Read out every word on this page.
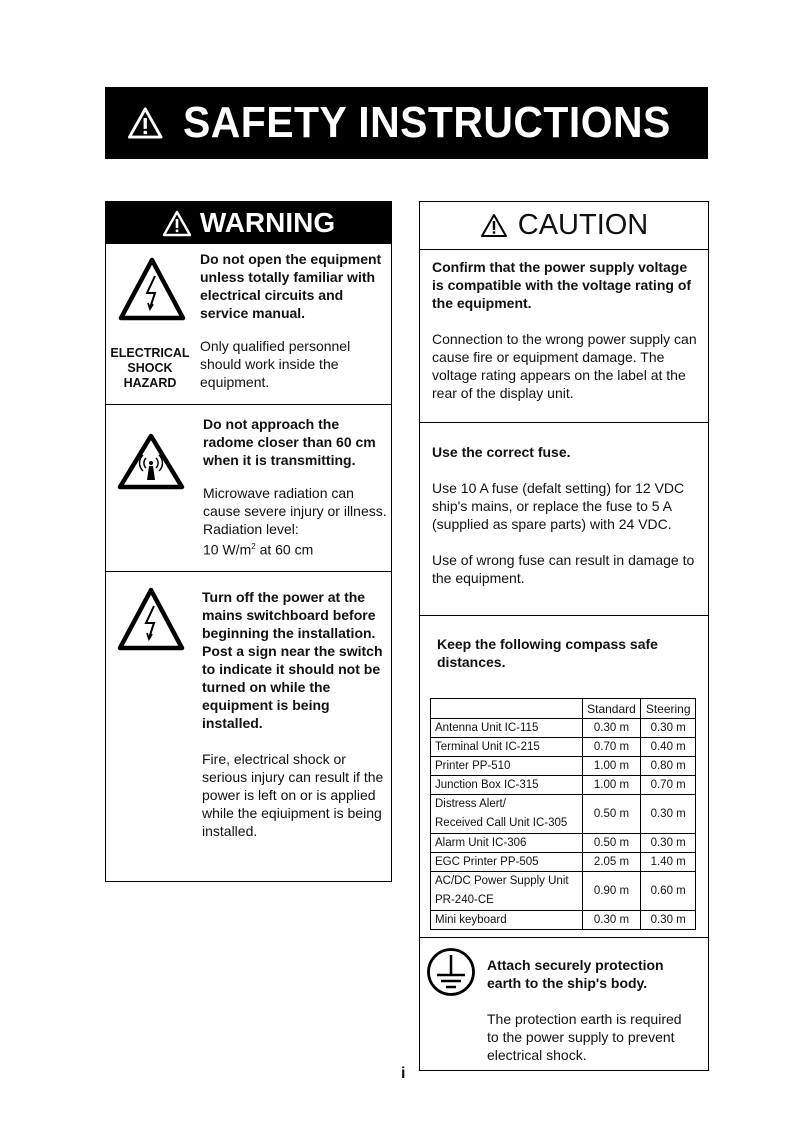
SAFETY INSTRUCTIONS
WARNING
ELECTRICAL
SHOCK
HAZARD

Do not open the equipment unless totally familiar with electrical circuits and service manual.

Only qualified personnel should work inside the equipment.

Do not approach the radome closer than 60 cm when it is transmitting.

Microwave radiation can cause severe injury or illness.

Radiation level:
10 $W/m^2$ at 60 cm

Turn off the power at the mains switchboard before beginning the installation. Post a sign near the switch to indicate it should not be turned on while the equipment is being installed.

Fire, electrical shock or serious injury can result if the power is left on or is applied while the eqiuipment is being installed.

CAUTION

Confirm that the power supply voltage is compatible with the voltage rating of the equipment.

Connection to the wrong power supply can cause fire or equipment damage. The voltage rating appears on the label at the rear of the display unit.

Use the correct fuse.

Use 10 A fuse (defalt setting) for 12 VDC ship's mains, or replace the fuse to 5 A (supplied as spare parts) with 24 VDC.

Use of wrong fuse can result in damage to the equipment.

Keep the following compass safe distances.

	Standard	Steering
Antenna Unit IC-115	0.30 m	0.30 m
Terminal Unit IC-215	0.70 m	0.40 m
Printer PP-510	1.00 m	0.80 m
Junction Box IC-315	1.00 m	0.70 m

Distress Alert/
Received Call Unit IC-305	0.50 m	0.30 m
Alarm Unit IC-306	0.50 m	0.30 m
EGC Printer PP-505	2.05 m	1.40 m

AC/DC Power Supply Unit
PR-240-CE	0.90 m	0.60 m
Mini keyboard	0.30 m	0.30 m

Attach securely protection earth to the ship's body.

The protection earth is required to the power supply to prevent electrical shock.

i
